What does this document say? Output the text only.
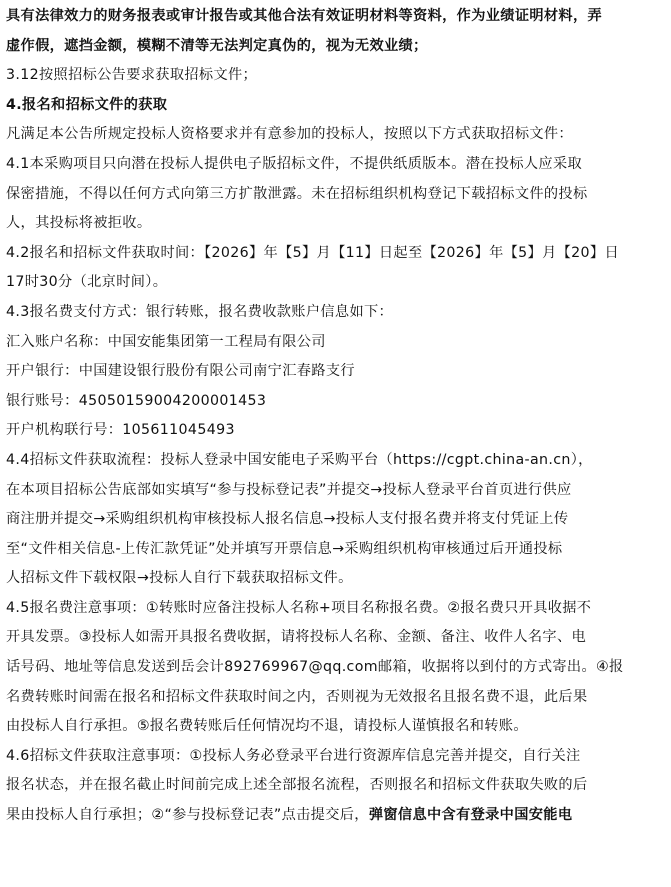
具有法律效力的财务报表或审计报告或其他合法有效证明材料等资料，作为业绩证明材料，弄
虚作假，遮挡金额，模糊不清等无法判定真伪的，视为无效业绩；
3.12按照招标公告要求获取招标文件；
4.报名和招标文件的获取
凡满足本公告所规定投标人资格要求并有意参加的投标人，按照以下方式获取招标文件：
4.1本采购项目只向潜在投标人提供电子版招标文件，不提供纸质版本。潜在投标人应采取
保密措施，不得以任何方式向第三方扩散泄露。未在招标组织机构登记下载招标文件的投标
人，其投标将被拒收。
4.2报名和招标文件获取时间：【2026】年【5】月【11】日起至【2026】年【5】月【20】日
17时30分（北京时间）。
4.3报名费支付方式：银行转账，报名费收款账户信息如下：
汇入账户名称：中国安能集团第一工程局有限公司
开户银行：中国建设银行股份有限公司南宁汇春路支行
银行账号：45050159004200001453
开户机构联行号：105611045493
4.4招标文件获取流程：投标人登录中国安能电子采购平台（https://cgpt.china-an.cn），
在本项目招标公告底部如实填写“参与投标登记表”并提交→投标人登录平台首页进行供应
商注册并提交→采购组织机构审核投标人报名信息→投标人支付报名费并将支付凭证上传
至“文件相关信息-上传汇款凭证”处并填写开票信息→采购组织机构审核通过后开通投标
人招标文件下载权限→投标人自行下载获取招标文件。
4.5报名费注意事项：①转账时应备注投标人名称+项目名称报名费。②报名费只开具收据不
开具发票。③投标人如需开具报名费收据，请将投标人名称、金额、备注、收件人名字、电
话号码、地址等信息发送到岳会计892769967@qq.com邮箱，收据将以到付的方式寄出。④报
名费转账时间需在报名和招标文件获取时间之内，否则视为无效报名且报名费不退，此后果
由投标人自行承担。⑤报名费转账后任何情况均不退，请投标人谨慎报名和转账。
4.6招标文件获取注意事项：①投标人务必登录平台进行资源库信息完善并提交，自行关注
报名状态，并在报名截止时间前完成上述全部报名流程，否则报名和招标文件获取失败的后
果由投标人自行承担；②“参与投标登记表”点击提交后，弹窗信息中含有登录中国安能电
